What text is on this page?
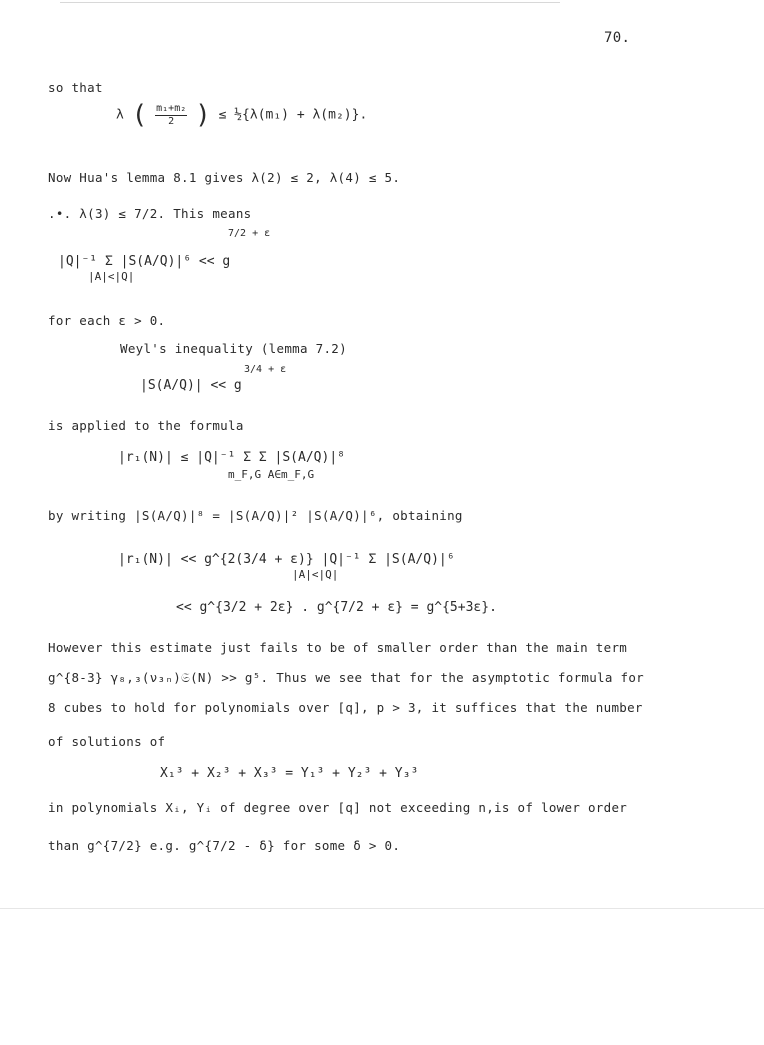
70.
so that
λ ( $\frac{\text{m₁+m₂}}{2}$ ) ≤ ½{λ(m₁) + λ(m₂)}.
Now Hua's lemma 8.1 gives λ(2) ≤ 2, λ(4) ≤ 5.
.•. λ(3) ≤ 7/2. This means
7/2 + ε
|Q|⁻¹ Σ |S(A/Q)|⁶ << g
|A|<|Q|
for each ε > 0.
Weyl's inequality (lemma 7.2)
3/4 + ε
|S(A/Q)| << g
is applied to the formula
|r₁(N)| ≤ |Q|⁻¹ Σ Σ |S(A/Q)|⁸
m_F,G A∈m_F,G
by writing |S(A/Q)|⁸ = |S(A/Q)|² |S(A/Q)|⁶, obtaining
|r₁(N)| << g^{2(3/4 + ε)} |Q|⁻¹ Σ |S(A/Q)|⁶
|A|<|Q|
<< g^{3/2 + 2ε} . g^{7/2 + ε} = g^{5+3ε}.
However this estimate just fails to be of smaller order than the main term
g^{8-3} γ₈,₃(ν₃ₙ)𝔖(N) >> g⁵. Thus we see that for the asymptotic formula for
8 cubes to hold for polynomials over [q], p > 3, it suffices that the number
of solutions of
X₁³ + X₂³ + X₃³ = Y₁³ + Y₂³ + Y₃³
in polynomials Xᵢ, Yᵢ of degree over [q] not exceeding n,is of lower order
than g^{7/2} e.g. g^{7/2 - δ} for some δ > 0.
